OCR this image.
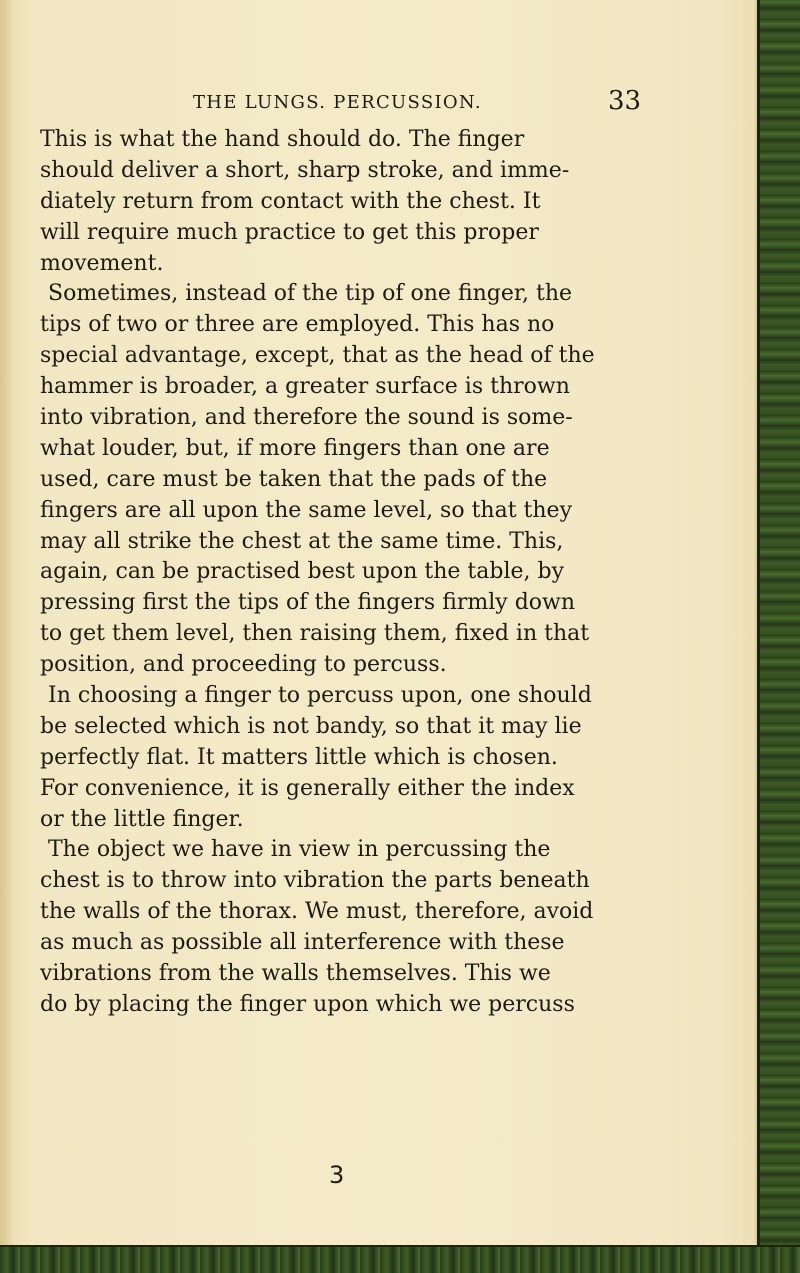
THE LUNGS. PERCUSSION.	33
This is what the hand should do. The finger
should deliver a short, sharp stroke, and imme-
diately return from contact with the chest. It
will require much practice to get this proper
movement.
Sometimes, instead of the tip of one finger, the
tips of two or three are employed. This has no
special advantage, except, that as the head of the
hammer is broader, a greater surface is thrown
into vibration, and therefore the sound is some-
what louder, but, if more fingers than one are
used, care must be taken that the pads of the
fingers are all upon the same level, so that they
may all strike the chest at the same time. This,
again, can be practised best upon the table, by
pressing first the tips of the fingers firmly down
to get them level, then raising them, fixed in that
position, and proceeding to percuss.
In choosing a finger to percuss upon, one should
be selected which is not bandy, so that it may lie
perfectly flat. It matters little which is chosen.
For convenience, it is generally either the index
or the little finger.
The object we have in view in percussing the
chest is to throw into vibration the parts beneath
the walls of the thorax. We must, therefore, avoid
as much as possible all interference with these
vibrations from the walls themselves. This we
do by placing the finger upon which we percuss
3
